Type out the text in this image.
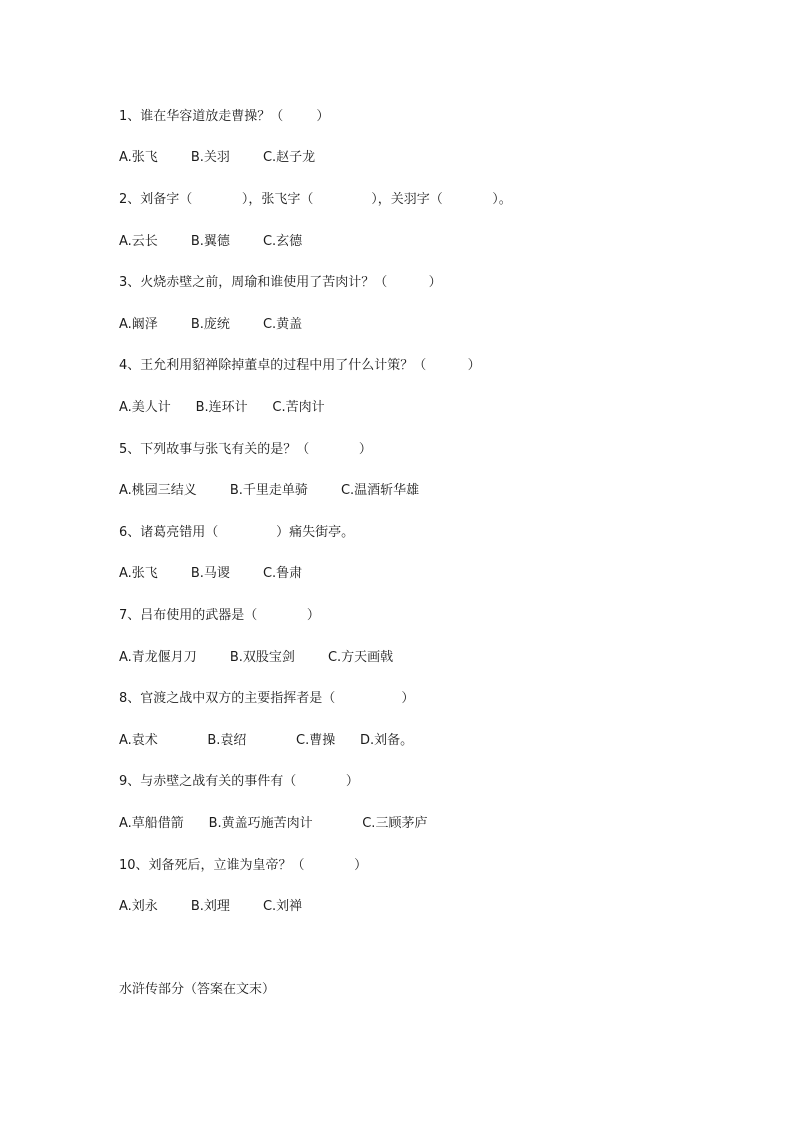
1、谁在华容道放走曹操？（        ）
A.张飞        B.关羽        C.赵子龙
2、刘备字（            ），张飞字（              ），关羽字（            ）。
A.云长        B.翼德        C.玄德
3、火烧赤壁之前，周瑜和谁使用了苦肉计？（          ）
A.阚泽        B.庞统        C.黄盖
4、王允利用貂禅除掉董卓的过程中用了什么计策？（          ）
A.美人计      B.连环计      C.苦肉计
5、下列故事与张飞有关的是？（            ）
A.桃园三结义        B.千里走单骑        C.温酒斩华雄
6、诸葛亮错用（              ）痛失街亭。
A.张飞        B.马谡        C.鲁肃
7、吕布使用的武器是（            ）
A.青龙偃月刀        B.双股宝剑        C.方天画戟
8、官渡之战中双方的主要指挥者是（                ）
A.袁术            B.袁绍            C.曹操      D.刘备。
9、与赤壁之战有关的事件有（            ）
A.草船借箭      B.黄盖巧施苦肉计            C.三顾茅庐
10、刘备死后，立谁为皇帝？（            ）
A.刘永        B.刘理        C.刘禅
水浒传部分（答案在文末）
